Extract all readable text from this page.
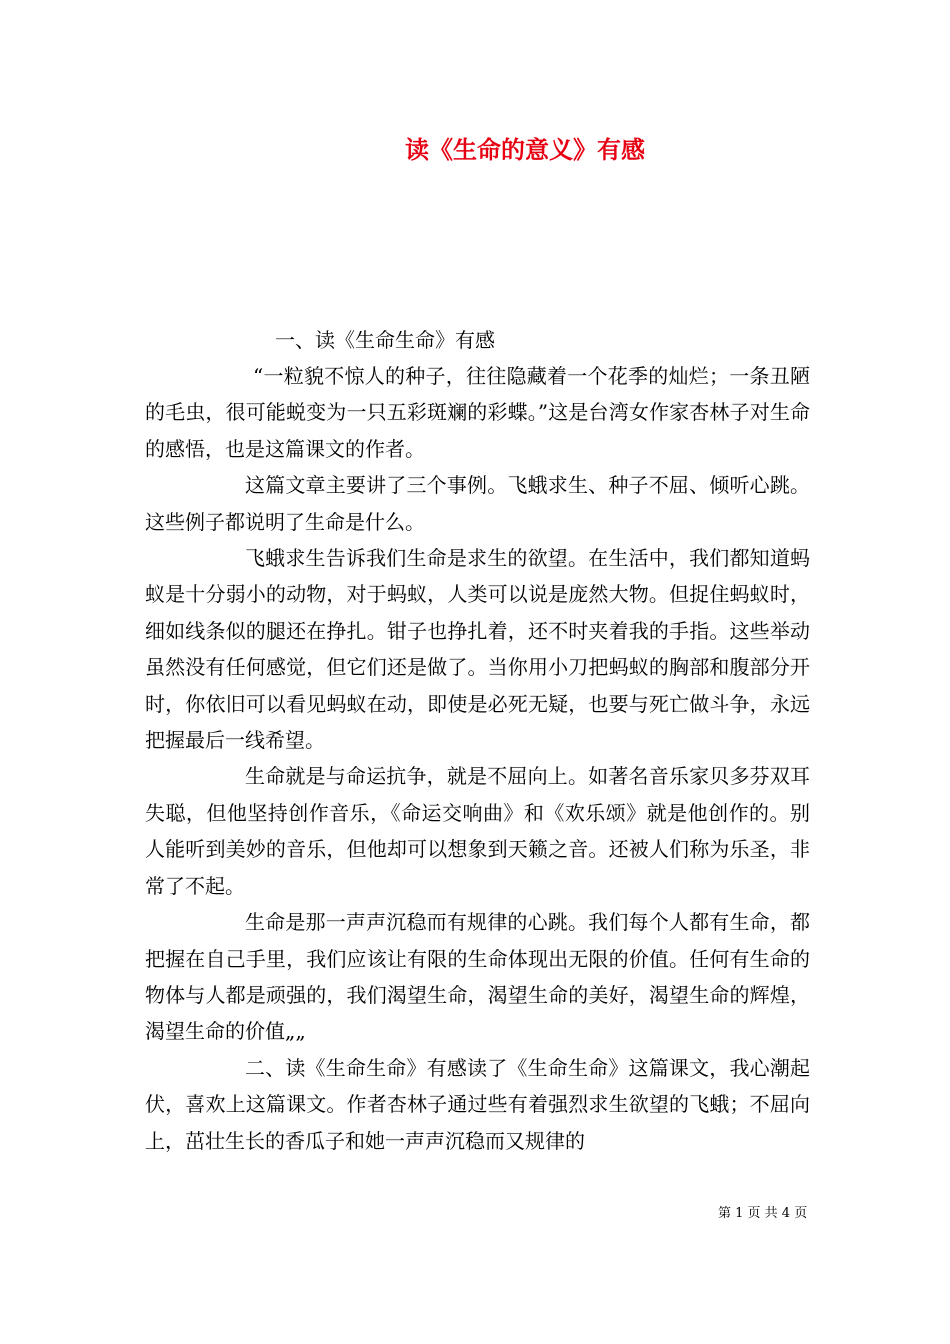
读《生命的意义》有感
一、读《生命生命》有感

“一粒貌不惊人的种子，往往隐藏着一个花季的灿烂；一条丑陋的毛虫，很可能蜕变为一只五彩斑斓的彩蝶。”这是台湾女作家杏林子对生命的感悟，也是这篇课文的作者。

这篇文章主要讲了三个事例。飞蛾求生、种子不屈、倾听心跳。这些例子都说明了生命是什么。

飞蛾求生告诉我们生命是求生的欲望。在生活中，我们都知道蚂蚁是十分弱小的动物，对于蚂蚁，人类可以说是庞然大物。但捉住蚂蚁时，细如线条似的腿还在挣扎。钳子也挣扎着，还不时夹着我的手指。这些举动虽然没有任何感觉，但它们还是做了。当你用小刀把蚂蚁的胸部和腹部分开时，你依旧可以看见蚂蚁在动，即使是必死无疑，也要与死亡做斗争，永远把握最后一线希望。

生命就是与命运抗争，就是不屈向上。如著名音乐家贝多芬双耳失聪，但他坚持创作音乐，《命运交响曲》和《欢乐颂》就是他创作的。别人能听到美妙的音乐，但他却可以想象到天籁之音。还被人们称为乐圣，非常了不起。

生命是那一声声沉稳而有规律的心跳。我们每个人都有生命，都把握在自己手里，我们应该让有限的生命体现出无限的价值。任何有生命的物体与人都是顽强的，我们渴望生命，渴望生命的美好，渴望生命的辉煌，渴望生命的价值„„

二、读《生命生命》有感读了《生命生命》这篇课文，我心潮起伏，喜欢上这篇课文。作者杏林子通过些有着强烈求生欲望的飞蛾；不屈向上，茁壮生长的香瓜子和她一声声沉稳而又规律的

第 1 页 共 4 页
